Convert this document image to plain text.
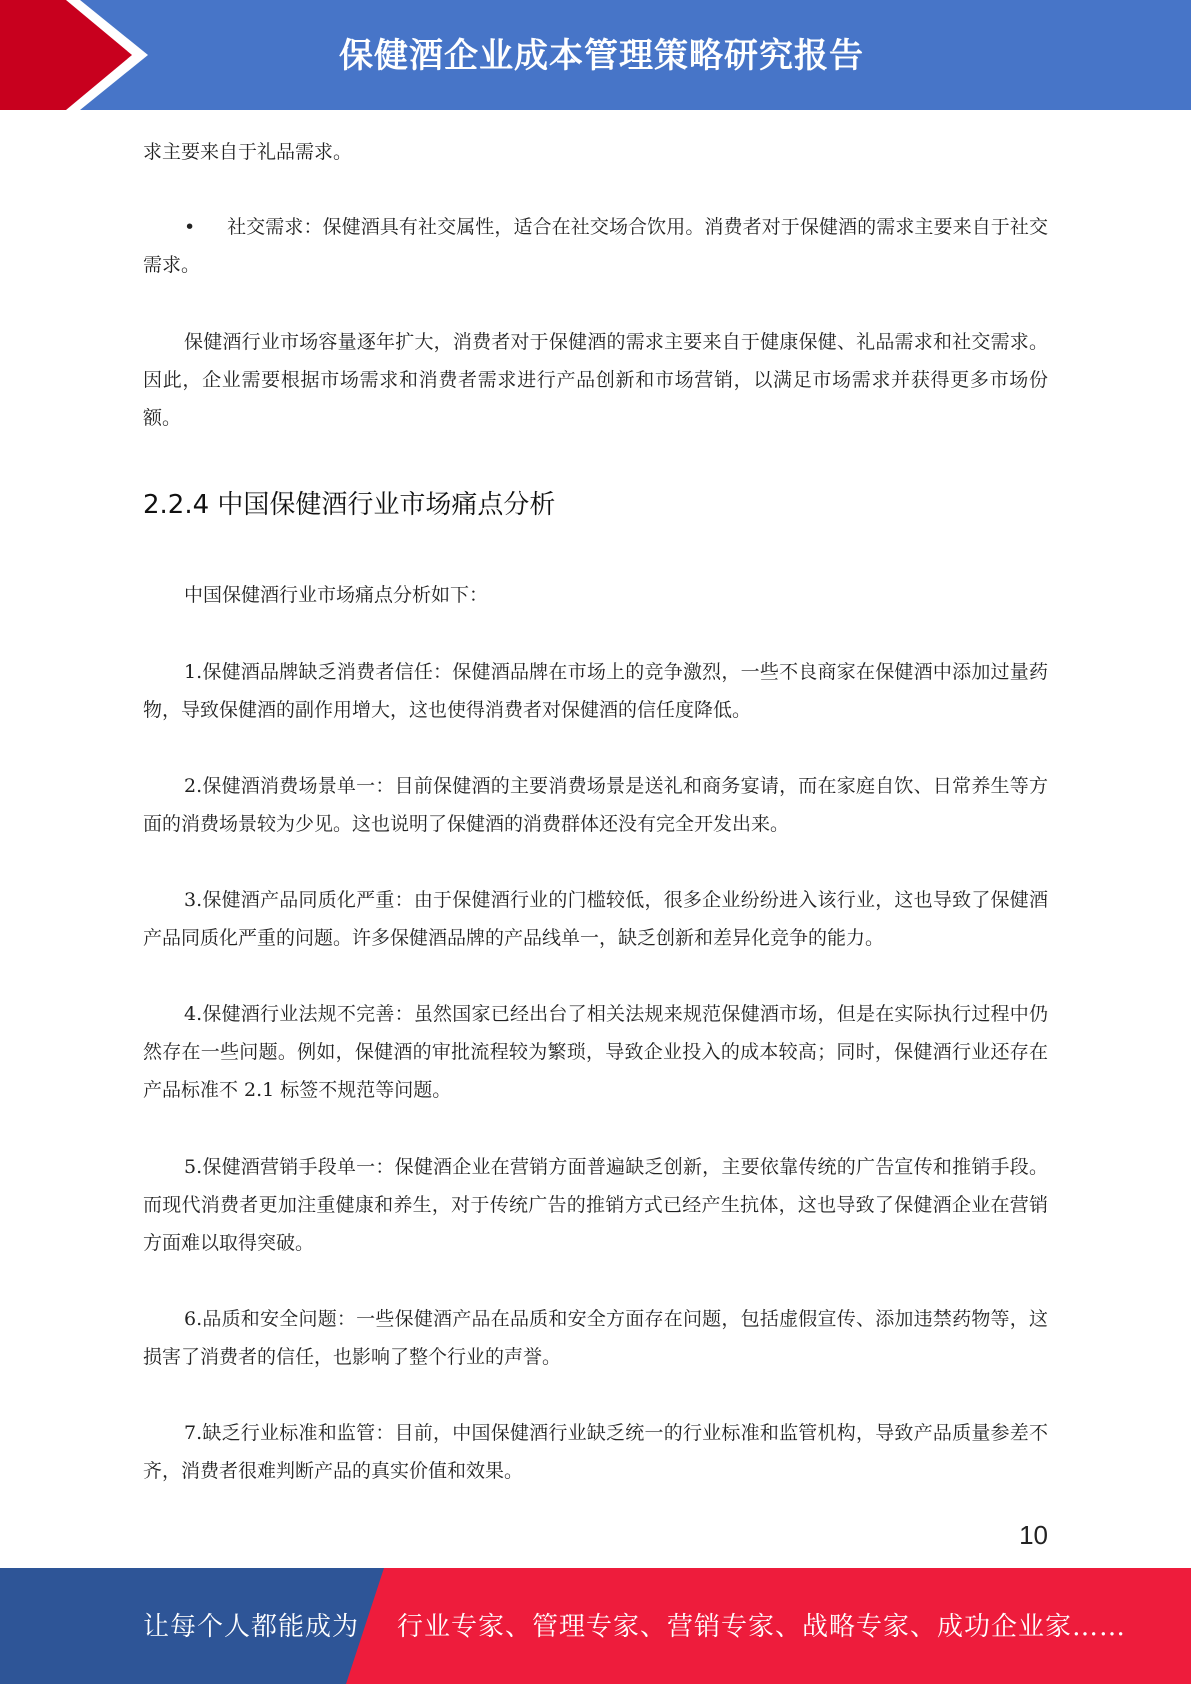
保健酒企业成本管理策略研究报告

求主要来自于礼品需求。

• 社交需求：保健酒具有社交属性，适合在社交场合饮用。消费者对于保健酒的需求主要来自于社交需求。

保健酒行业市场容量逐年扩大，消费者对于保健酒的需求主要来自于健康保健、礼品需求和社交需求。因此，企业需要根据市场需求和消费者需求进行产品创新和市场营销，以满足市场需求并获得更多市场份额。

2.2.4 中国保健酒行业市场痛点分析

中国保健酒行业市场痛点分析如下：

1.保健酒品牌缺乏消费者信任：保健酒品牌在市场上的竞争激烈，一些不良商家在保健酒中添加过量药物，导致保健酒的副作用增大，这也使得消费者对保健酒的信任度降低。

2.保健酒消费场景单一：目前保健酒的主要消费场景是送礼和商务宴请，而在家庭自饮、日常养生等方面的消费场景较为少见。这也说明了保健酒的消费群体还没有完全开发出来。

3.保健酒产品同质化严重：由于保健酒行业的门槛较低，很多企业纷纷进入该行业，这也导致了保健酒产品同质化严重的问题。许多保健酒品牌的产品线单一，缺乏创新和差异化竞争的能力。

4.保健酒行业法规不完善：虽然国家已经出台了相关法规来规范保健酒市场，但是在实际执行过程中仍然存在一些问题。例如，保健酒的审批流程较为繁琐，导致企业投入的成本较高；同时，保健酒行业还存在产品标准不 2.1 标签不规范等问题。

5.保健酒营销手段单一：保健酒企业在营销方面普遍缺乏创新，主要依靠传统的广告宣传和推销手段。而现代消费者更加注重健康和养生，对于传统广告的推销方式已经产生抗体，这也导致了保健酒企业在营销方面难以取得突破。

6.品质和安全问题：一些保健酒产品在品质和安全方面存在问题，包括虚假宣传、添加违禁药物等，这损害了消费者的信任，也影响了整个行业的声誉。

7.缺乏行业标准和监管：目前，中国保健酒行业缺乏统一的行业标准和监管机构，导致产品质量参差不齐，消费者很难判断产品的真实价值和效果。

10
让每个人都能成为 行业专家、管理专家、营销专家、战略专家、成功企业家……
